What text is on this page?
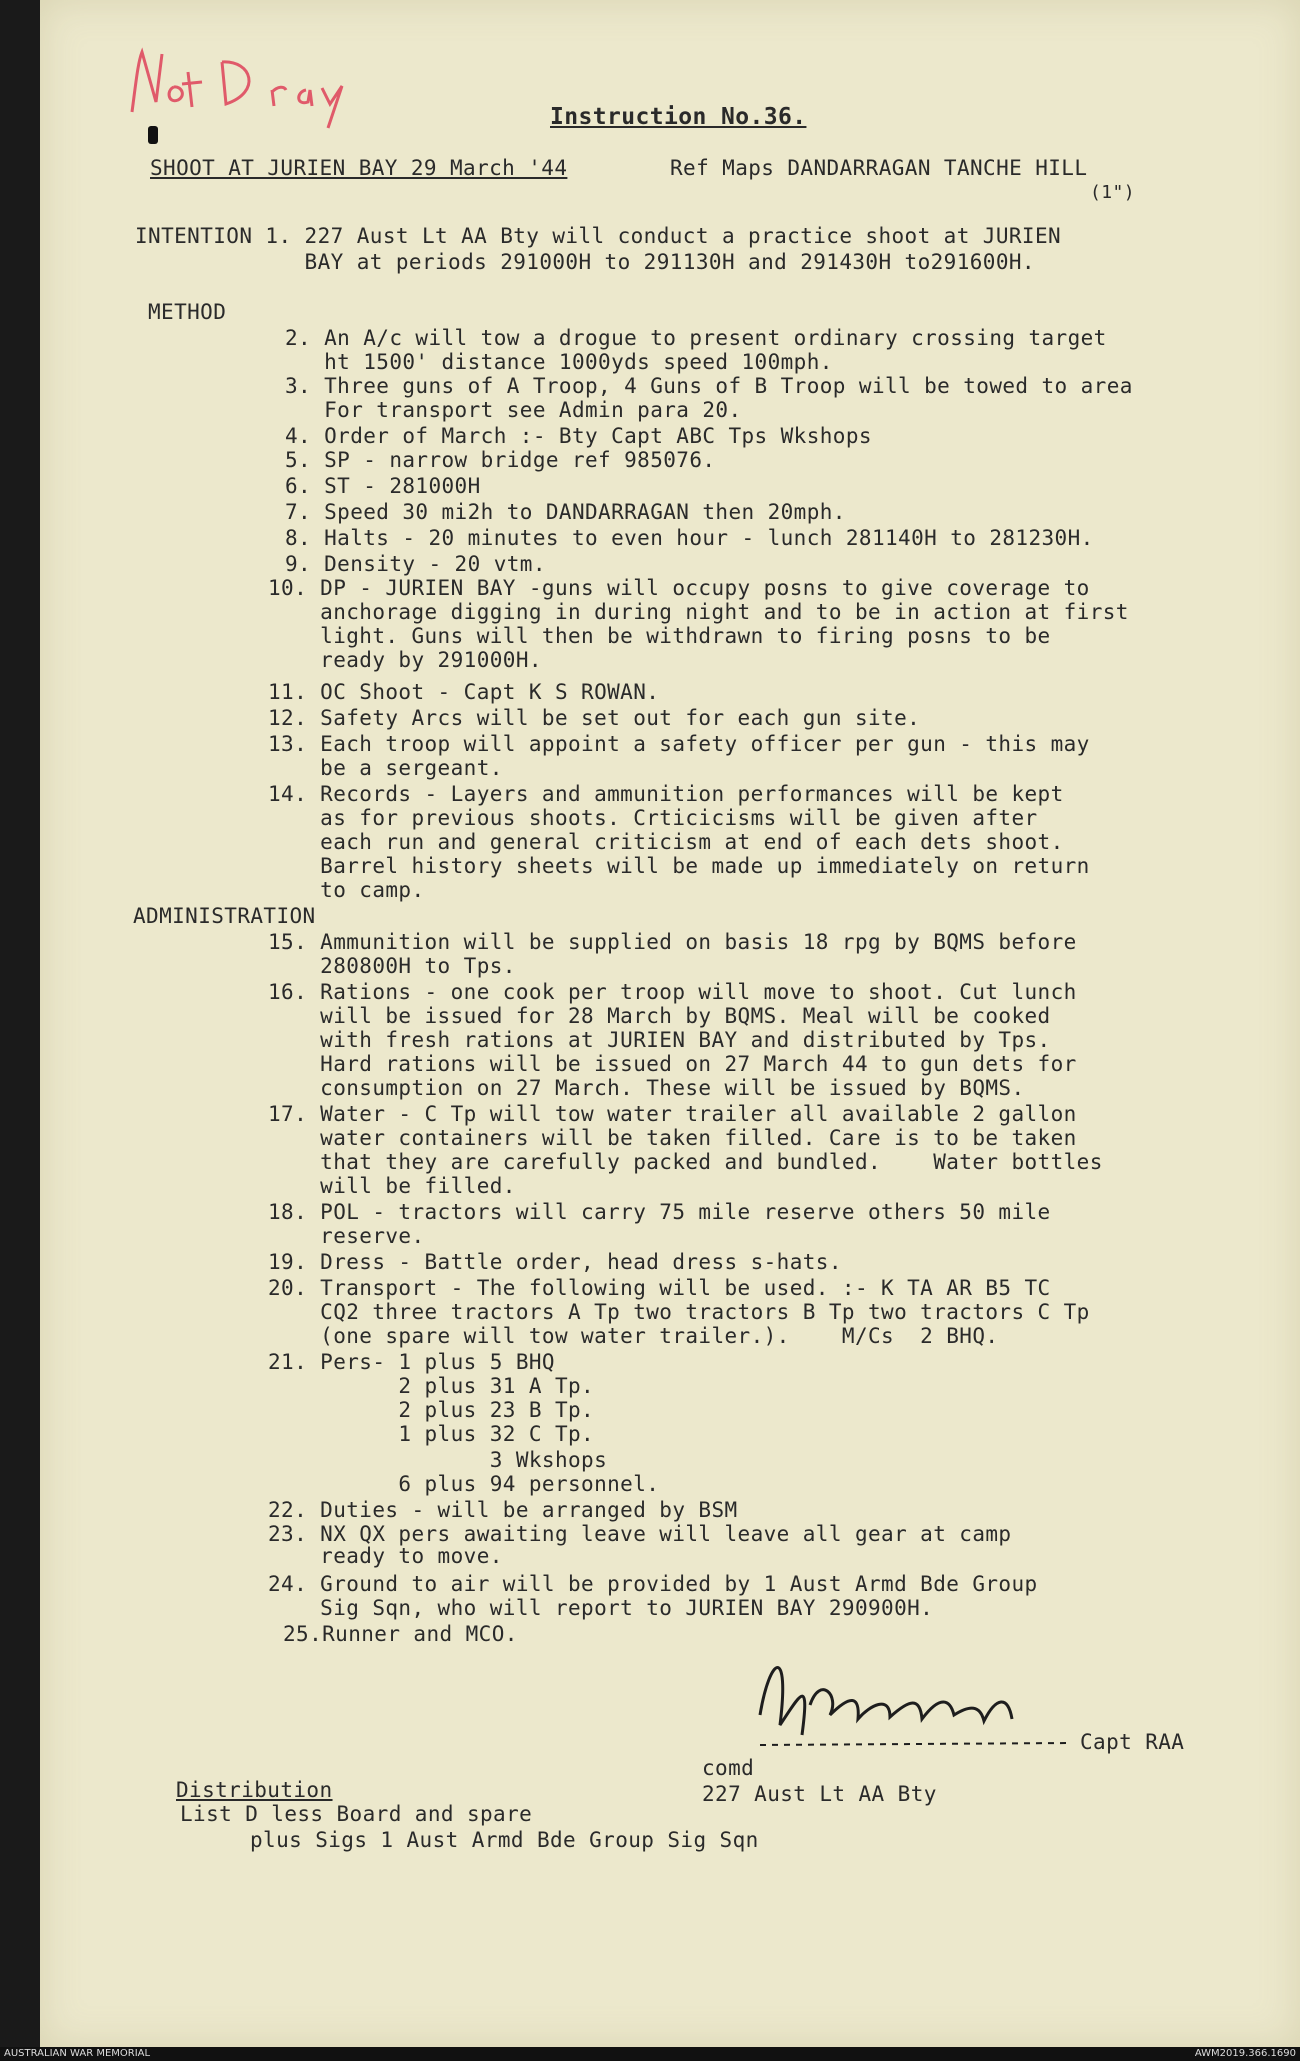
Instruction No.36.
SHOOT AT JURIEN BAY 29 March '44	Ref Maps DANDARRAGAN TANCHE HILL
(1")
INTENTION 1. 227 Aust Lt AA Bty will conduct a practice shoot at JURIEN
BAY at periods 291000H to 291130H and 291430H to291600H.
METHOD
2. An A/c will tow a drogue to present ordinary crossing target
ht 1500' distance 1000yds speed 100mph.
3. Three guns of A Troop, 4 Guns of B Troop will be towed to area
For transport see Admin para 20.
4. Order of March :- Bty Capt ABC Tps Wkshops
5. SP - narrow bridge ref 985076.
6. ST - 281000H
7. Speed 30 mi2h to DANDARRAGAN then 20mph.
8. Halts - 20 minutes to even hour - lunch 281140H to 281230H.
9. Density - 20 vtm.
10. DP - JURIEN BAY -guns will occupy posns to give coverage to
anchorage digging in during night and to be in action at first
light. Guns will then be withdrawn to firing posns to be
ready by 291000H.
11. OC Shoot - Capt K S ROWAN.
12. Safety Arcs will be set out for each gun site.
13. Each troop will appoint a safety officer per gun - this may
be a sergeant.
14. Records - Layers and ammunition performances will be kept
as for previous shoots. Crticicisms will be given after
each run and general criticism at end of each dets shoot.
Barrel history sheets will be made up immediately on return
to camp.
ADMINISTRATION
15. Ammunition will be supplied on basis 18 rpg by BQMS before
280800H to Tps.
16. Rations - one cook per troop will move to shoot. Cut lunch
will be issued for 28 March by BQMS. Meal will be cooked
with fresh rations at JURIEN BAY and distributed by Tps.
Hard rations will be issued on 27 March 44 to gun dets for
consumption on 27 March. These will be issued by BQMS.
17. Water - C Tp will tow water trailer all available 2 gallon
water containers will be taken filled. Care is to be taken
that they are carefully packed and bundled.    Water bottles
will be filled.
18. POL - tractors will carry 75 mile reserve others 50 mile
reserve.
19. Dress - Battle order, head dress s-hats.
20. Transport - The following will be used. :- K TA AR B5 TC
CQ2 three tractors A Tp two tractors B Tp two tractors C Tp
(one spare will tow water trailer.).    M/Cs  2 BHQ.
21. Pers- 1 plus 5 BHQ
2 plus 31 A Tp.
2 plus 23 B Tp.
1 plus 32 C Tp.
3 Wkshops
6 plus 94 personnel.
22. Duties - will be arranged by BSM
23. NX QX pers awaiting leave will leave all gear at camp
ready to move.
24. Ground to air will be provided by 1 Aust Armd Bde Group
Sig Sqn, who will report to JURIEN BAY 290900H.
25.Runner and MCO.
Capt RAA
comd
227 Aust Lt AA Bty
Distribution
List D less Board and spare
plus Sigs 1 Aust Armd Bde Group Sig Sqn
AUSTRALIAN WAR MEMORIAL	AWM2019.366.1690
